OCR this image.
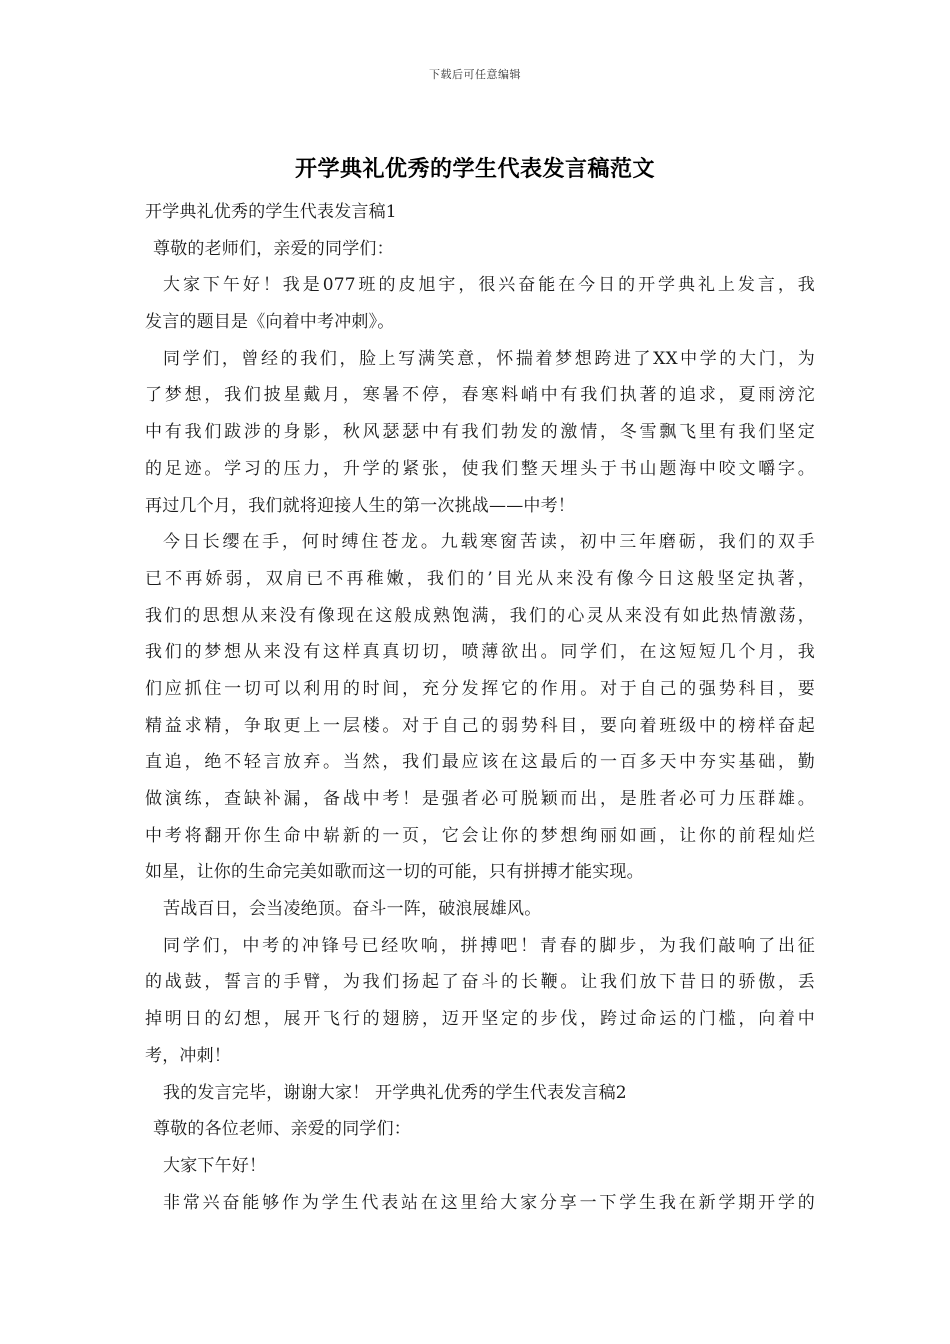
下载后可任意编辑
开学典礼优秀的学生代表发言稿范文
开学典礼优秀的学生代表发言稿1
尊敬的老师们，亲爱的同学们：
大家下午好！我是077班的皮旭宇，很兴奋能在今日的开学典礼上发言，我
发言的题目是《向着中考冲刺》。
同学们，曾经的我们，脸上写满笑意，怀揣着梦想跨进了XX中学的大门，为
了梦想，我们披星戴月，寒暑不停，春寒料峭中有我们执著的追求，夏雨滂沱
中有我们跋涉的身影，秋风瑟瑟中有我们勃发的激情，冬雪飘飞里有我们坚定
的足迹。学习的压力，升学的紧张，使我们整天埋头于书山题海中咬文嚼字。
再过几个月，我们就将迎接人生的第一次挑战——中考！
今日长缨在手，何时缚住苍龙。九载寒窗苦读，初中三年磨砺，我们的双手
已不再娇弱，双肩已不再稚嫩，我们的’目光从来没有像今日这般坚定执著，
我们的思想从来没有像现在这般成熟饱满，我们的心灵从来没有如此热情激荡，
我们的梦想从来没有这样真真切切，喷薄欲出。同学们，在这短短几个月，我
们应抓住一切可以利用的时间，充分发挥它的作用。对于自己的强势科目，要
精益求精，争取更上一层楼。对于自己的弱势科目，要向着班级中的榜样奋起
直追，绝不轻言放弃。当然，我们最应该在这最后的一百多天中夯实基础，勤
做演练，查缺补漏，备战中考！是强者必可脱颖而出，是胜者必可力压群雄。
中考将翻开你生命中崭新的一页，它会让你的梦想绚丽如画，让你的前程灿烂
如星，让你的生命完美如歌而这一切的可能，只有拼搏才能实现。
苦战百日，会当凌绝顶。奋斗一阵，破浪展雄风。
同学们，中考的冲锋号已经吹响，拼搏吧！青春的脚步，为我们敲响了出征
的战鼓，誓言的手臂，为我们扬起了奋斗的长鞭。让我们放下昔日的骄傲，丢
掉明日的幻想，展开飞行的翅膀，迈开坚定的步伐，跨过命运的门槛，向着中
考，冲刺！
我的发言完毕，谢谢大家！ 开学典礼优秀的学生代表发言稿2
尊敬的各位老师、亲爱的同学们：
大家下午好！
非常兴奋能够作为学生代表站在这里给大家分享一下学生我在新学期开学的
